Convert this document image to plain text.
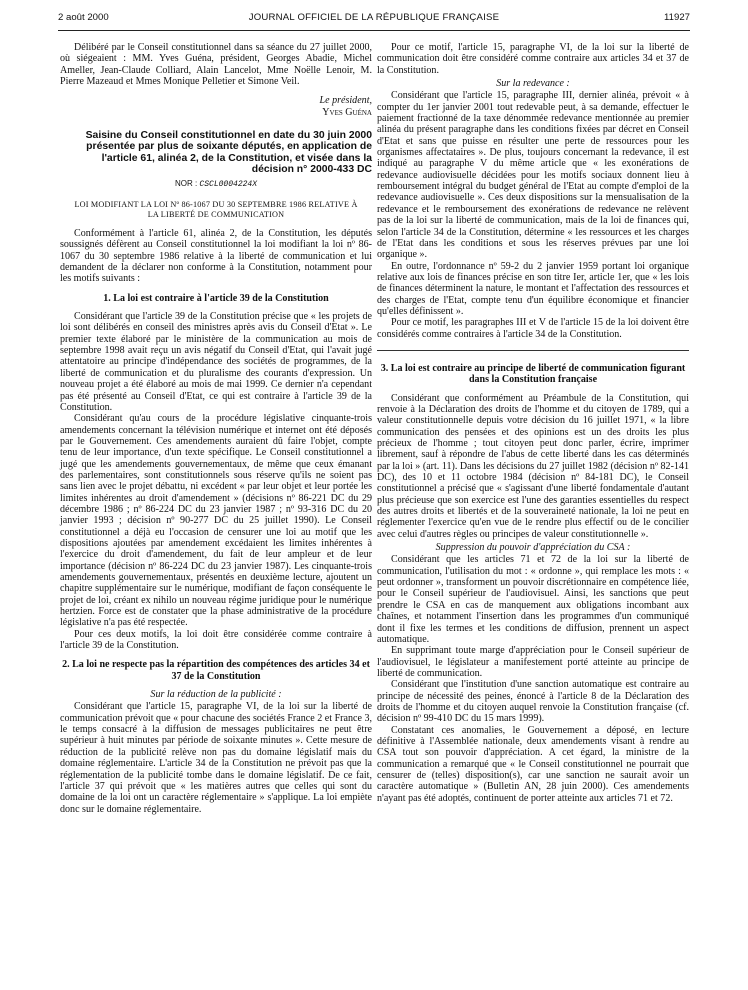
2 août 2000	JOURNAL OFFICIEL DE LA RÉPUBLIQUE FRANÇAISE	11927

Délibéré par le Conseil constitutionnel dans sa séance du 27 juillet 2000, où siégeaient : MM. Yves Guéna, président, Georges Abadie, Michel Ameller, Jean-Claude Colliard, Alain Lancelot, Mme Noëlle Lenoir, M. Pierre Mazeaud et Mmes Monique Pelletier et Simone Veil.

Le président,

Yves Guéna

Saisine du Conseil constitutionnel en date du 30 juin 2000 présentée par plus de soixante députés, en application de l'article 61, alinéa 2, de la Constitution, et visée dans la décision n° 2000-433 DC

NOR : CSCL0004224X

LOI MODIFIANT LA LOI Nº 86-1067 DU 30 SEPTEMBRE 1986 RELATIVE À LA LIBERTÉ DE COMMUNICATION

Conformément à l'article 61, alinéa 2, de la Constitution, les députés soussignés défèrent au Conseil constitutionnel la loi modifiant la loi nº 86-1067 du 30 septembre 1986 relative à la liberté de communication et lui demandent de la déclarer non conforme à la Constitution, notamment pour les motifs suivants :

1. La loi est contraire à l'article 39 de la Constitution

Considérant que l'article 39 de la Constitution précise que « les projets de loi sont délibérés en conseil des ministres après avis du Conseil d'Etat ». Le premier texte élaboré par le ministère de la communication au mois de septembre 1998 avait reçu un avis négatif du Conseil d'Etat, qui l'avait jugé attentatoire au principe d'indépendance des sociétés de programmes, de la liberté de communication et du pluralisme des courants d'expression. Un nouveau projet a été élaboré au mois de mai 1999. Ce dernier n'a cependant pas été présenté au Conseil d'Etat, ce qui est contraire à l'article 39 de la Constitution.

Considérant qu'au cours de la procédure législative cinquante-trois amendements concernant la télévision numérique et internet ont été déposés par le Gouvernement. Ces amendements auraient dû faire l'objet, compte tenu de leur importance, d'un texte spécifique. Le Conseil constitutionnel a jugé que les amendements gouvernementaux, de même que ceux émanant des parlementaires, sont constitutionnels sous réserve qu'ils ne soient pas sans lien avec le projet débattu, ni excédent « par leur objet et leur portée les limites inhérentes au droit d'amendement » (décisions nº 86-221 DC du 29 décembre 1986 ; nº 86-224 DC du 23 janvier 1987 ; nº 93-316 DC du 20 janvier 1993 ; décision nº 90-277 DC du 25 juillet 1990). Le Conseil constitutionnel a déjà eu l'occasion de censurer une loi au motif que les dispositions ajoutées par amendement excédaient les limites inhérentes à l'exercice du droit d'amendement, du fait de leur ampleur et de leur importance (décision nº 86-224 DC du 23 janvier 1987). Les cinquante-trois amendements gouvernementaux, présentés en deuxième lecture, ajoutent un chapitre supplémentaire sur le numérique, modifiant de façon conséquente le projet de loi, créant ex nihilo un nouveau régime juridique pour le numérique hertzien. Force est de constater que la phase administrative de la procédure législative n'a pas été respectée.

Pour ces deux motifs, la loi doit être considérée comme contraire à l'article 39 de la Constitution.

2. La loi ne respecte pas la répartition des compétences des articles 34 et 37 de la Constitution

Sur la réduction de la publicité :

Considérant que l'article 15, paragraphe VI, de la loi sur la liberté de communication prévoit que « pour chacune des sociétés France 2 et France 3, le temps consacré à la diffusion de messages publicitaires ne peut être supérieur à huit minutes par période de soixante minutes ». Cette mesure de réduction de la publicité relève non pas du domaine législatif mais du domaine réglementaire. L'article 34 de la Constitution ne prévoit pas que la réglementation de la publicité tombe dans le domaine législatif. De ce fait, l'article 37 qui prévoit que « les matières autres que celles qui sont du domaine de la loi ont un caractère réglementaire » s'applique. La loi empiète donc sur le domaine réglementaire.

Pour ce motif, l'article 15, paragraphe VI, de la loi sur la liberté de communication doit être considéré comme contraire aux articles 34 et 37 de la Constitution.

Sur la redevance :

Considérant que l'article 15, paragraphe III, dernier alinéa, prévoit « à compter du 1er janvier 2001 tout redevable peut, à sa demande, effectuer le paiement fractionné de la taxe dénommée redevance mentionnée au premier alinéa du présent paragraphe dans les conditions fixées par décret en Conseil d'Etat et sans que puisse en résulter une perte de ressources pour les organismes affectataires ». De plus, toujours concernant la redevance, il est indiqué au paragraphe V du même article que « les exonérations de redevance audiovisuelle décidées pour les motifs sociaux donnent lieu à remboursement intégral du budget général de l'Etat au compte d'emploi de la redevance audiovisuelle ». Ces deux dispositions sur la mensualisation de la redevance et le remboursement des exonérations de redevance ne relèvent pas de la loi sur la liberté de communication, mais de la loi de finances qui, selon l'article 34 de la Constitution, détermine « les ressources et les charges de l'Etat dans les conditions et sous les réserves prévues par une loi organique ».

En outre, l'ordonnance nº 59-2 du 2 janvier 1959 portant loi organique relative aux lois de finances précise en son titre Ier, article 1er, que « les lois de finances déterminent la nature, le montant et l'affectation des ressources et des charges de l'Etat, compte tenu d'un équilibre économique et financier qu'elles définissent ».

Pour ce motif, les paragraphes III et V de l'article 15 de la loi doivent être considérés comme contraires à l'article 34 de la Constitution.

3. La loi est contraire au principe de liberté de communication figurant dans la Constitution française

Considérant que conformément au Préambule de la Constitution, qui renvoie à la Déclaration des droits de l'homme et du citoyen de 1789, qui a valeur constitutionnelle depuis votre décision du 16 juillet 1971, « la libre communication des pensées et des opinions est un des droits les plus précieux de l'homme ; tout citoyen peut donc parler, écrire, imprimer librement, sauf à répondre de l'abus de cette liberté dans les cas déterminés par la loi » (art. 11). Dans les décisions du 27 juillet 1982 (décision nº 82-141 DC), des 10 et 11 octobre 1984 (décision nº 84-181 DC), le Conseil constitutionnel a précisé que « s'agissant d'une liberté fondamentale d'autant plus précieuse que son exercice est l'une des garanties essentielles du respect des autres droits et libertés et de la souveraineté nationale, la loi ne peut en réglementer l'exercice qu'en vue de le rendre plus effectif ou de le concilier avec celui d'autres règles ou principes de valeur constitutionnelle ».

Suppression du pouvoir d'appréciation du CSA :

Considérant que les articles 71 et 72 de la loi sur la liberté de communication, l'utilisation du mot : « ordonne », qui remplace les mots : « peut ordonner », transforment un pouvoir discrétionnaire en compétence liée, pour le Conseil supérieur de l'audiovisuel. Ainsi, les sanctions que peut prendre le CSA en cas de manquement aux obligations incombant aux chaînes, et notamment l'insertion dans les programmes d'un communiqué dont il fixe les termes et les conditions de diffusion, prennent un aspect automatique.

En supprimant toute marge d'appréciation pour le Conseil supérieur de l'audiovisuel, le législateur a manifestement porté atteinte au principe de liberté de communication.

Considérant que l'institution d'une sanction automatique est contraire au principe de nécessité des peines, énoncé à l'article 8 de la Déclaration des droits de l'homme et du citoyen auquel renvoie la Constitution française (cf. décision nº 99-410 DC du 15 mars 1999).

Constatant ces anomalies, le Gouvernement a déposé, en lecture définitive à l'Assemblée nationale, deux amendements visant à rendre au CSA tout son pouvoir d'appréciation. A cet égard, la ministre de la communication a remarqué que « le Conseil constitutionnel ne pourrait que censurer de (telles) disposition(s), car une sanction ne saurait avoir un caractère automatique » (Bulletin AN, 28 juin 2000). Ces amendements n'ayant pas été adoptés, continuent de porter atteinte aux articles 71 et 72.
